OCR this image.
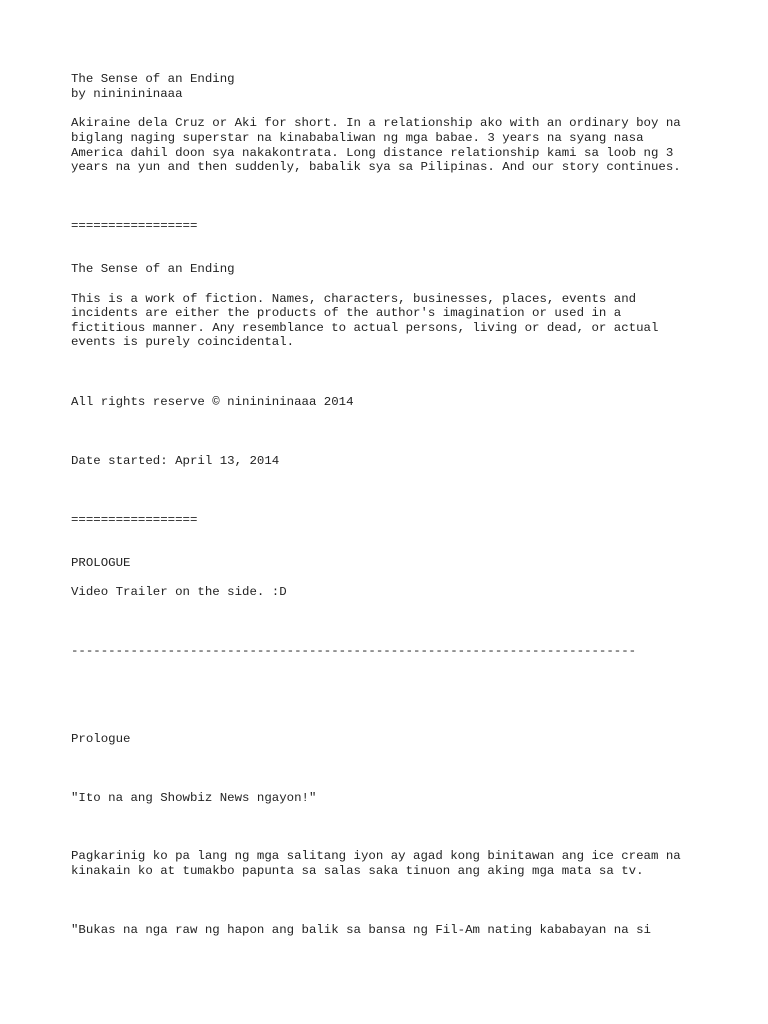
The Sense of an Ending

by nininininaaa

Akiraine dela Cruz or Aki for short. In a relationship ako with an ordinary boy na

biglang naging superstar na kinababaliwan ng mga babae. 3 years na syang nasa

America dahil doon sya nakakontrata. Long distance relationship kami sa loob ng 3

years na yun and then suddenly, babalik sya sa Pilipinas. And our story continues.

=================

The Sense of an Ending

This is a work of fiction. Names, characters, businesses, places, events and

incidents are either the products of the author's imagination or used in a

fictitious manner. Any resemblance to actual persons, living or dead, or actual

events is purely coincidental.

All rights reserve © nininininaaa 2014

Date started: April 13, 2014

=================

PROLOGUE

Video Trailer on the side. :D

----------------------------------------------------------------------------

Prologue

"Ito na ang Showbiz News ngayon!"

Pagkarinig ko pa lang ng mga salitang iyon ay agad kong binitawan ang ice cream na

kinakain ko at tumakbo papunta sa salas saka tinuon ang aking mga mata sa tv.

"Bukas na nga raw ng hapon ang balik sa bansa ng Fil-Am nating kababayan na si
